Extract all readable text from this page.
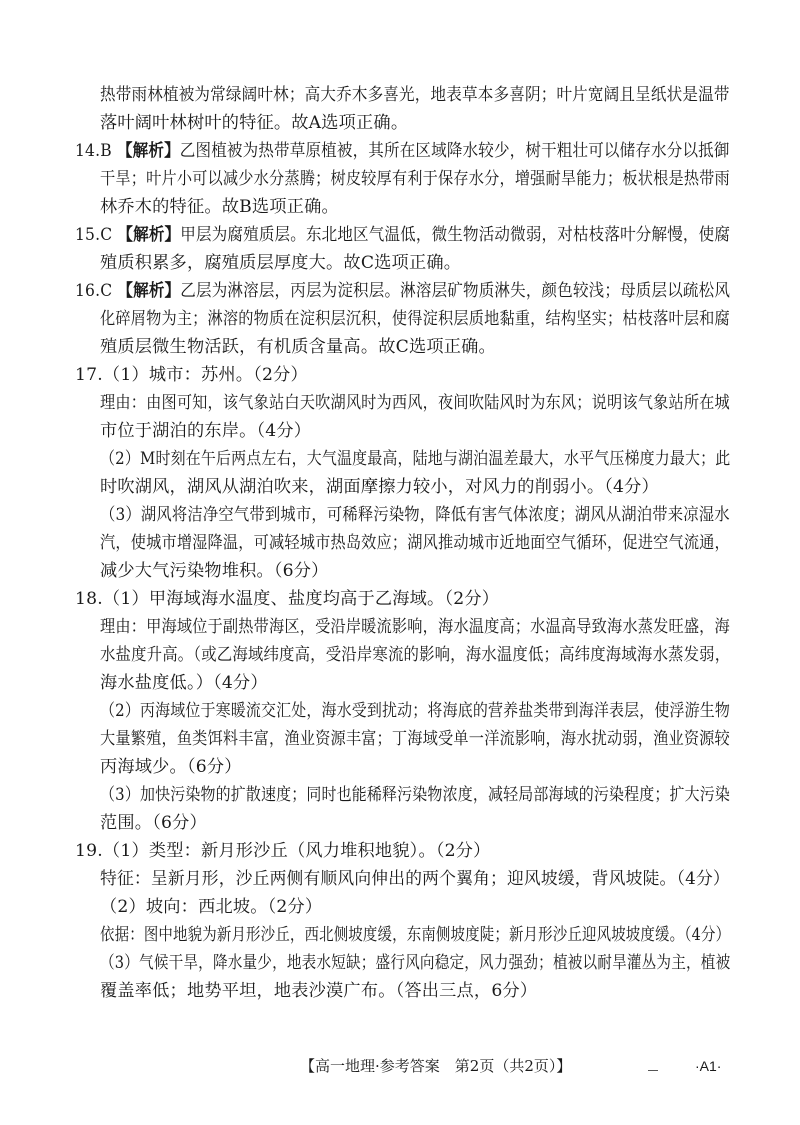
热带雨林植被为常绿阔叶林；高大乔木多喜光，地表草本多喜阴；叶片宽阔且呈纸状是温带
落叶阔叶林树叶的特征。故A选项正确。
14.B 【解析】乙图植被为热带草原植被，其所在区域降水较少，树干粗壮可以储存水分以抵御
干旱；叶片小可以减少水分蒸腾；树皮较厚有利于保存水分，增强耐旱能力；板状根是热带雨
林乔木的特征。故B选项正确。
15.C 【解析】甲层为腐殖质层。东北地区气温低，微生物活动微弱，对枯枝落叶分解慢，使腐
殖质积累多，腐殖质层厚度大。故C选项正确。
16.C 【解析】乙层为淋溶层，丙层为淀积层。淋溶层矿物质淋失，颜色较浅；母质层以疏松风
化碎屑物为主；淋溶的物质在淀积层沉积，使得淀积层质地黏重，结构坚实；枯枝落叶层和腐
殖质层微生物活跃，有机质含量高。故C选项正确。
17.（1）城市：苏州。（2分）
理由：由图可知，该气象站白天吹湖风时为西风，夜间吹陆风时为东风；说明该气象站所在城
市位于湖泊的东岸。（4分）
（2）M时刻在午后两点左右，大气温度最高，陆地与湖泊温差最大，水平气压梯度力最大；此
时吹湖风，湖风从湖泊吹来，湖面摩擦力较小，对风力的削弱小。（4分）
（3）湖风将洁净空气带到城市，可稀释污染物，降低有害气体浓度；湖风从湖泊带来凉湿水
汽，使城市增湿降温，可减轻城市热岛效应；湖风推动城市近地面空气循环，促进空气流通，
减少大气污染物堆积。（6分）
18.（1）甲海域海水温度、盐度均高于乙海域。（2分）
理由：甲海域位于副热带海区，受沿岸暖流影响，海水温度高；水温高导致海水蒸发旺盛，海
水盐度升高。（或乙海域纬度高，受沿岸寒流的影响，海水温度低；高纬度海域海水蒸发弱，
海水盐度低。）（4分）
（2）丙海域位于寒暖流交汇处，海水受到扰动；将海底的营养盐类带到海洋表层，使浮游生物
大量繁殖，鱼类饵料丰富，渔业资源丰富；丁海域受单一洋流影响，海水扰动弱，渔业资源较
丙海域少。（6分）
（3）加快污染物的扩散速度；同时也能稀释污染物浓度，减轻局部海域的污染程度；扩大污染
范围。（6分）
19.（1）类型：新月形沙丘（风力堆积地貌）。（2分）
特征：呈新月形，沙丘两侧有顺风向伸出的两个翼角；迎风坡缓，背风坡陡。（4分）
（2）坡向：西北坡。（2分）
依据：图中地貌为新月形沙丘，西北侧坡度缓，东南侧坡度陡；新月形沙丘迎风坡坡度缓。（4分）
（3）气候干旱，降水量少，地表水短缺；盛行风向稳定，风力强劲；植被以耐旱灌丛为主，植被
覆盖率低；地势平坦，地表沙漠广布。（答出三点，6分）
【高一地理·参考答案　第2页（共2页）】	·A1·
